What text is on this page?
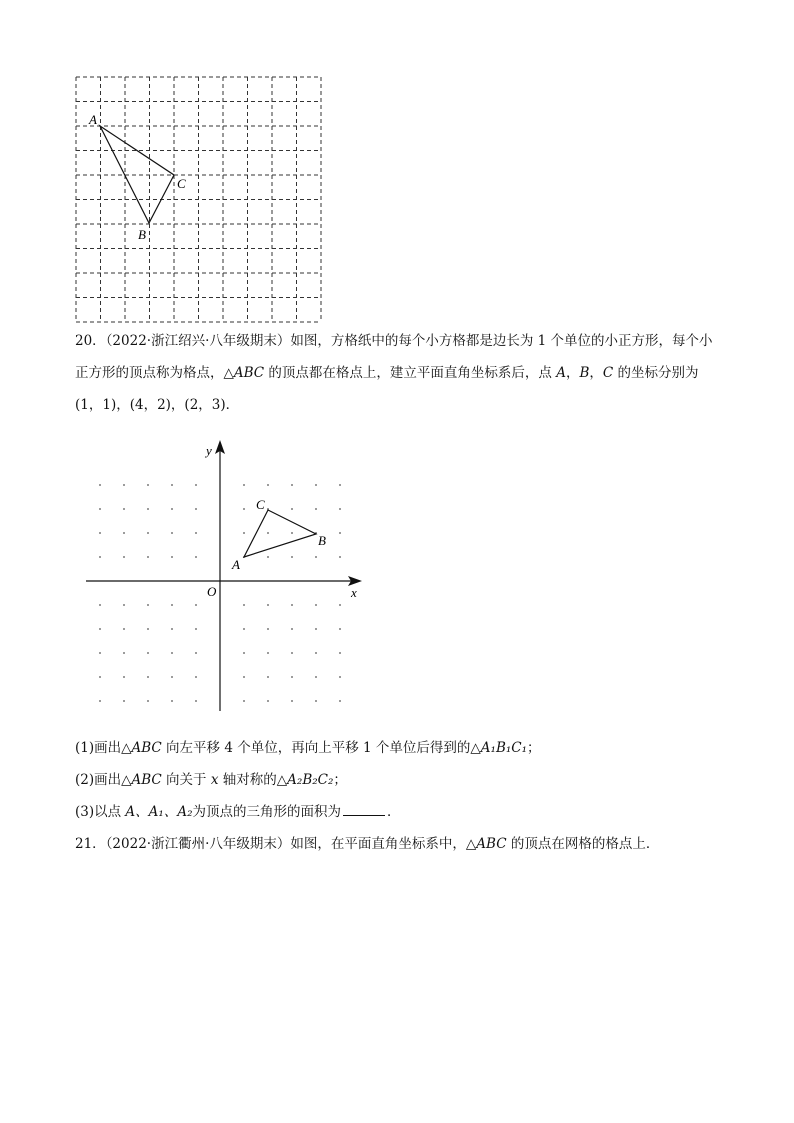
A
C
B
20．（2022·浙江绍兴·八年级期末）如图，方格纸中的每个小方格都是边长为 1 个单位的小正方形，每个小
正方形的顶点称为格点，△ABC 的顶点都在格点上，建立平面直角坐标系后，点 A，B，C 的坐标分别为
(1，1)，(4，2)，(2，3)．
x
y
O
A
B
C
(1)画出△ABC 向左平移 4 个单位，再向上平移 1 个单位后得到的△A₁B₁C₁；
(2)画出△ABC 向关于 x 轴对称的△A₂B₂C₂；
(3)以点 A、A₁、A₂为顶点的三角形的面积为	．
21．（2022·浙江衢州·八年级期末）如图，在平面直角坐标系中，△ABC 的顶点在网格的格点上．
